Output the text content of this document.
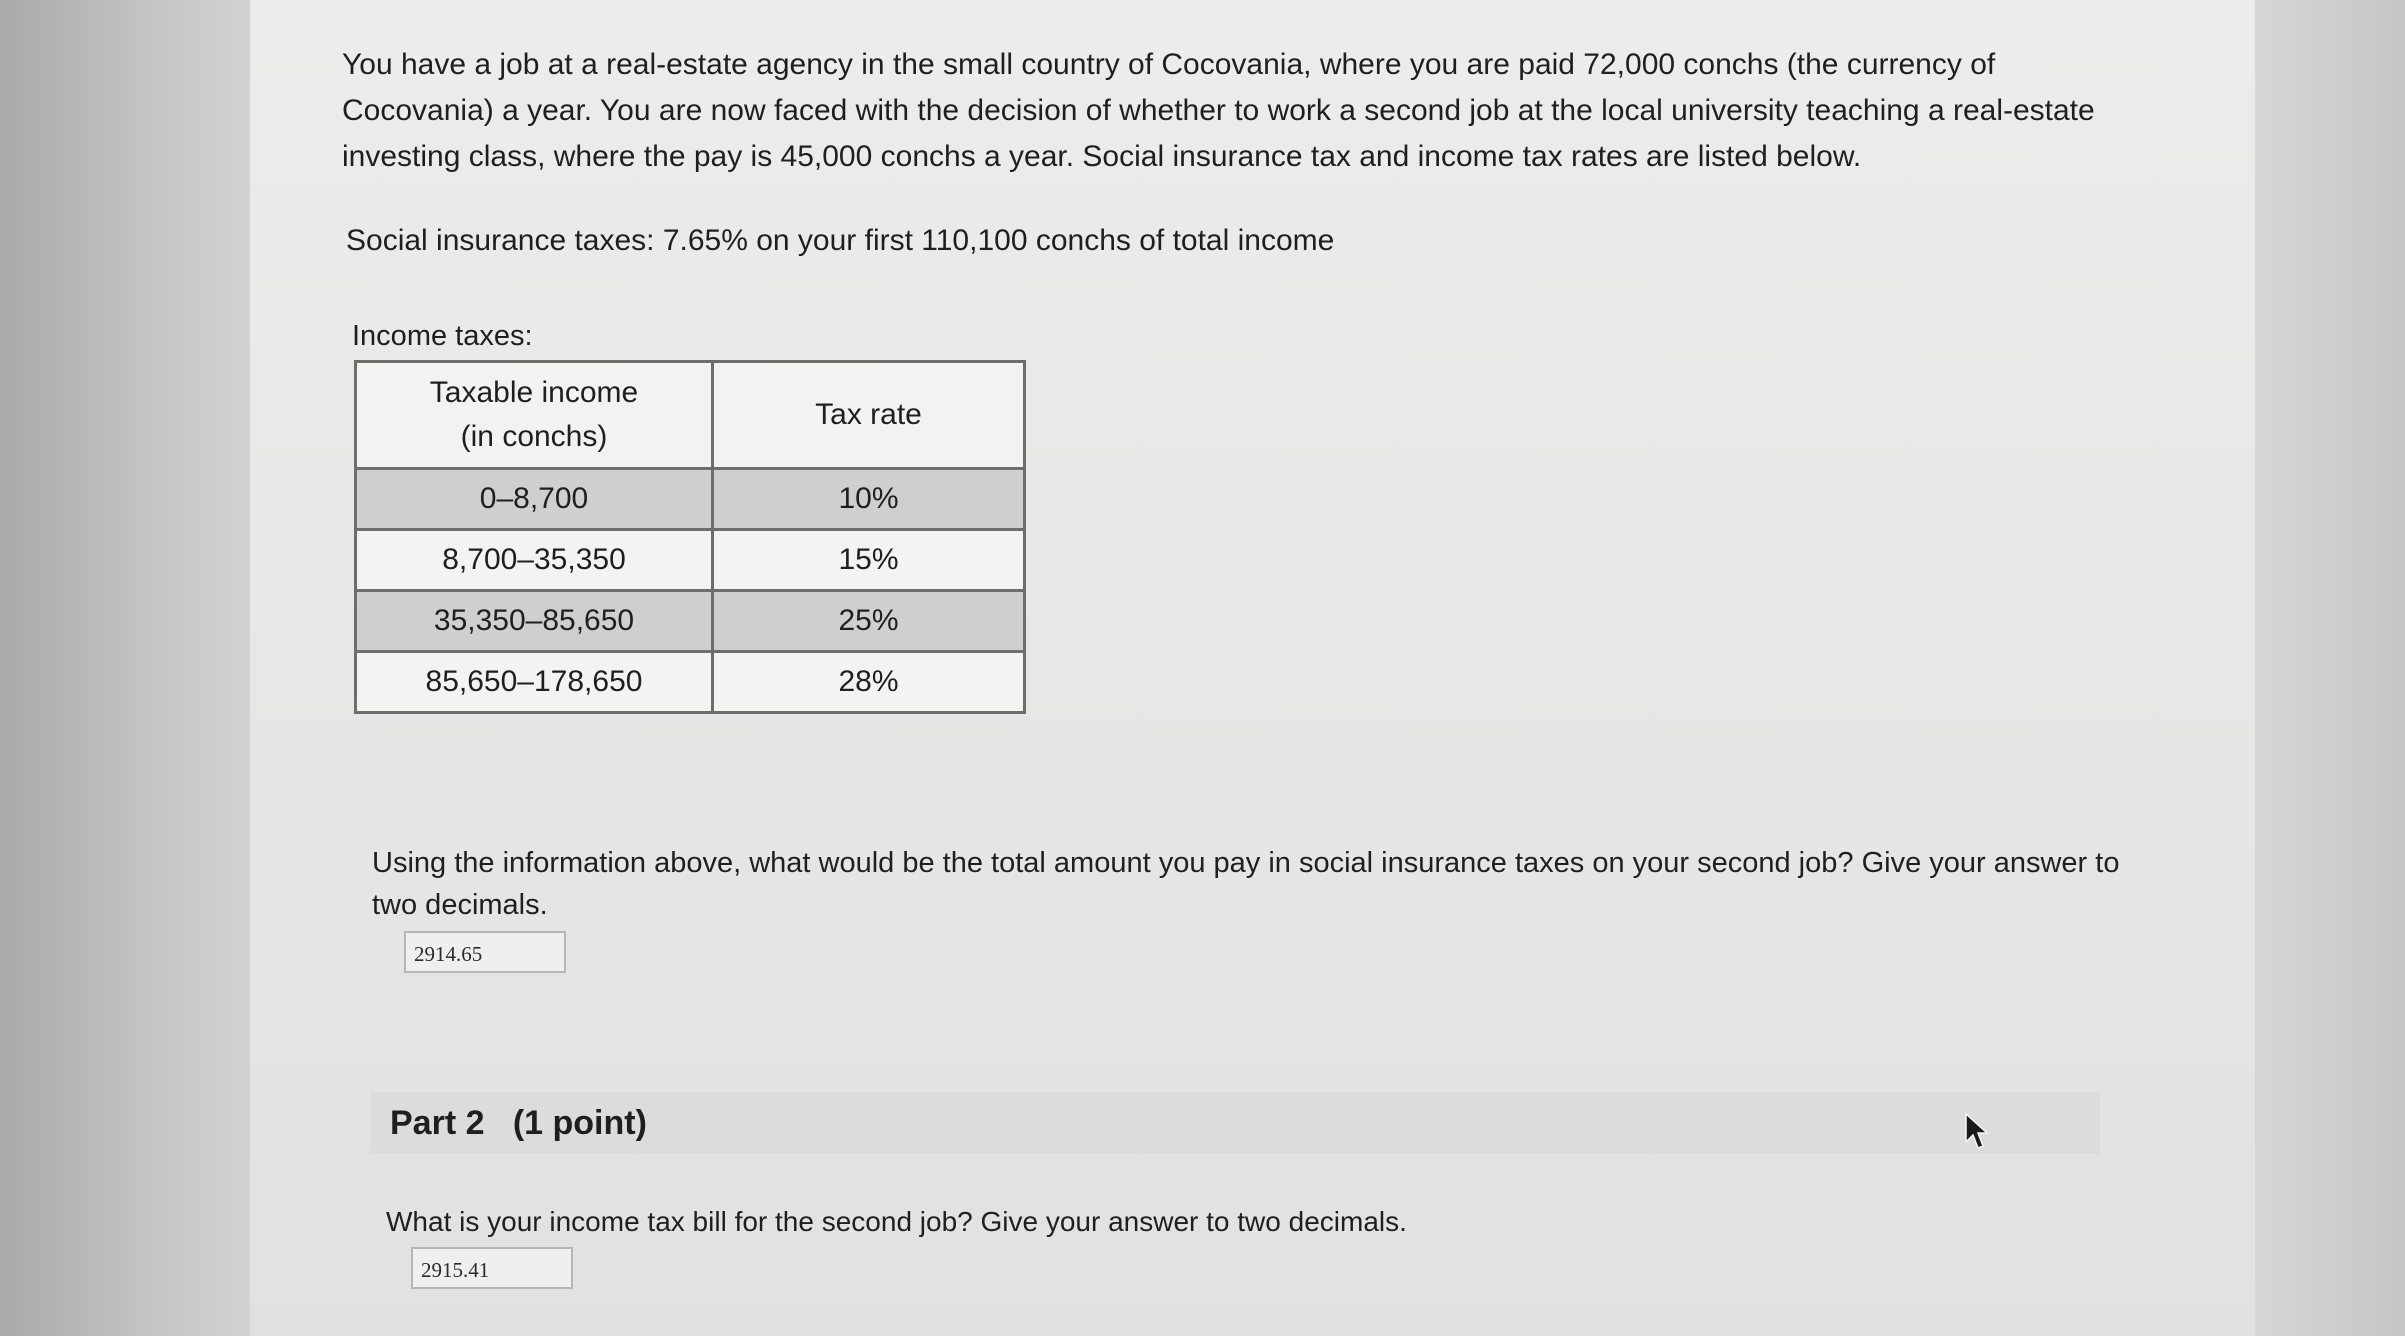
You have a job at a real-estate agency in the small country of Cocovania, where you are paid 72,000 conchs (the currency of Cocovania) a year. You are now faced with the decision of whether to work a second job at the local university teaching a real-estate investing class, where the pay is 45,000 conchs a year. Social insurance tax and income tax rates are listed below.

Social insurance taxes: 7.65% on your first 110,100 conchs of total income

Income taxes:

Taxable income
(in conchs)	Tax rate
0–8,700	10%
8,700–35,350	15%
35,350–85,650	25%
85,650–178,650	28%

Using the information above, what would be the total amount you pay in social insurance taxes on your second job? Give your answer to two decimals.

2914.65

Part 2   (1 point)

What is your income tax bill for the second job? Give your answer to two decimals.

2915.41
